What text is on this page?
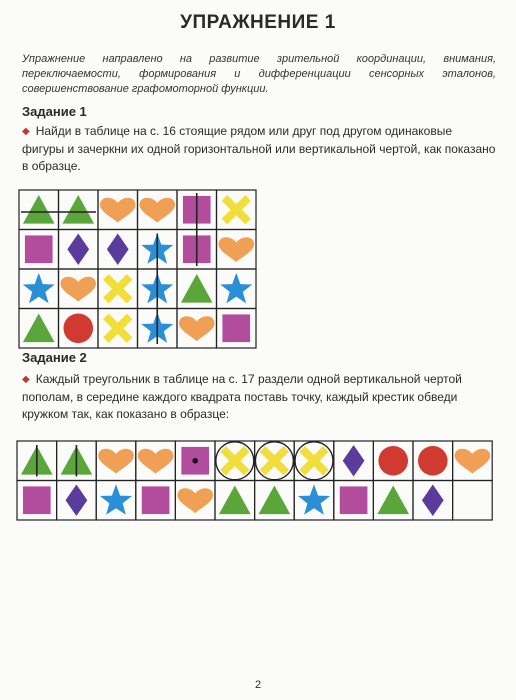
УПРАЖНЕНИЕ 1
Упражнение направлено на развитие зрительной координации, внимания, переключаемости, формирования и дифференциации сенсорных эталонов, совершенствование графомоторной функции.
Задание 1
◆ Найди в таблице на с. 16 стоящие рядом или друг под другом одинаковые фигуры и зачеркни их одной горизонтальной или вертикальной чертой, как показано в образце.
Задание 2
◆ Каждый треугольник в таблице на с. 17 раздели одной вертикальной чертой пополам, в середине каждого квадрата поставь точку, каждый крестик обведи кружком так, как показано в образце:
2
